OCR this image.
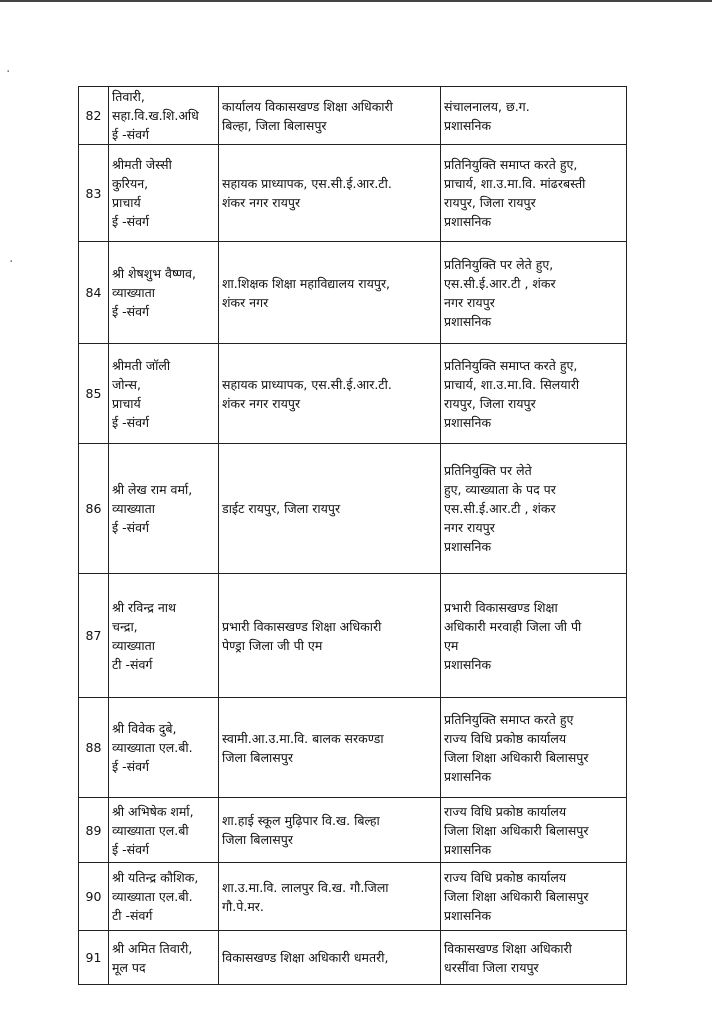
·
·
82	तिवारी,
सहा.वि.ख.शि.अधि
ई -संवर्ग	कार्यालय विकासखण्ड शिक्षा अधिकारी
बिल्हा, जिला बिलासपुर	संचालनालय, छ.ग.
प्रशासनिक

83	श्रीमती जेस्सी
कुरियन,
प्राचार्य
ई -संवर्ग	सहायक प्राध्यापक, एस.सी.ई.आर.टी.
शंकर नगर रायपुर	प्रतिनियुक्ति समाप्त करते हुए,
प्राचार्य, शा.उ.मा.वि. मांढरबस्ती
रायपुर, जिला रायपुर
प्रशासनिक

84	श्री शेषशुभ वैष्णव,
व्याख्याता
ई -संवर्ग	शा.शिक्षक शिक्षा महाविद्यालय रायपुर,
शंकर नगर	प्रतिनियुक्ति पर लेते हुए,
एस.सी.ई.आर.टी , शंकर
नगर रायपुर
प्रशासनिक

85	श्रीमती जॉली
जोन्स,
प्राचार्य
ई -संवर्ग	सहायक प्राध्यापक, एस.सी.ई.आर.टी.
शंकर नगर रायपुर	प्रतिनियुक्ति समाप्त करते हुए,
प्राचार्य, शा.उ.मा.वि. सिलयारी
रायपुर, जिला रायपुर
प्रशासनिक

86	श्री लेख राम वर्मा,
व्याख्याता
ई -संवर्ग	डाईट रायपुर, जिला रायपुर	प्रतिनियुक्ति पर लेते
हुए, व्याख्याता के पद पर
एस.सी.ई.आर.टी , शंकर
नगर रायपुर
प्रशासनिक

87	श्री रविन्द्र नाथ
चन्द्रा,
व्याख्याता
टी -संवर्ग	प्रभारी विकासखण्ड शिक्षा अधिकारी
पेण्ड्रा जिला जी पी एम	प्रभारी विकासखण्ड शिक्षा
अधिकारी मरवाही जिला जी पी
एम
प्रशासनिक

88	श्री विवेक दुबे,
व्याख्याता एल.बी.
ई -संवर्ग	स्वामी.आ.उ.मा.वि. बालक सरकण्डा
जिला बिलासपुर	प्रतिनियुक्ति समाप्त करते हुए
राज्य विधि प्रकोष्ठ कार्यालय
जिला शिक्षा अधिकारी बिलासपुर
प्रशासनिक

89	श्री अभिषेक शर्मा,
व्याख्याता एल.बी
ई -संवर्ग	शा.हाई स्कूल मुढ़िपार वि.ख. बिल्हा
जिला बिलासपुर	राज्य विधि प्रकोष्ठ कार्यालय
जिला शिक्षा अधिकारी बिलासपुर
प्रशासनिक

90	श्री यतिन्द्र कौशिक,
व्याख्याता एल.बी.
टी -संवर्ग	शा.उ.मा.वि. लालपुर वि.ख. गौ.जिला
गौ.पे.मर.	राज्य विधि प्रकोष्ठ कार्यालय
जिला शिक्षा अधिकारी बिलासपुर
प्रशासनिक

91	श्री अमित तिवारी,
मूल पद	विकासखण्ड शिक्षा अधिकारी धमतरी,	विकासखण्ड शिक्षा अधिकारी
धरसींवा जिला रायपुर
